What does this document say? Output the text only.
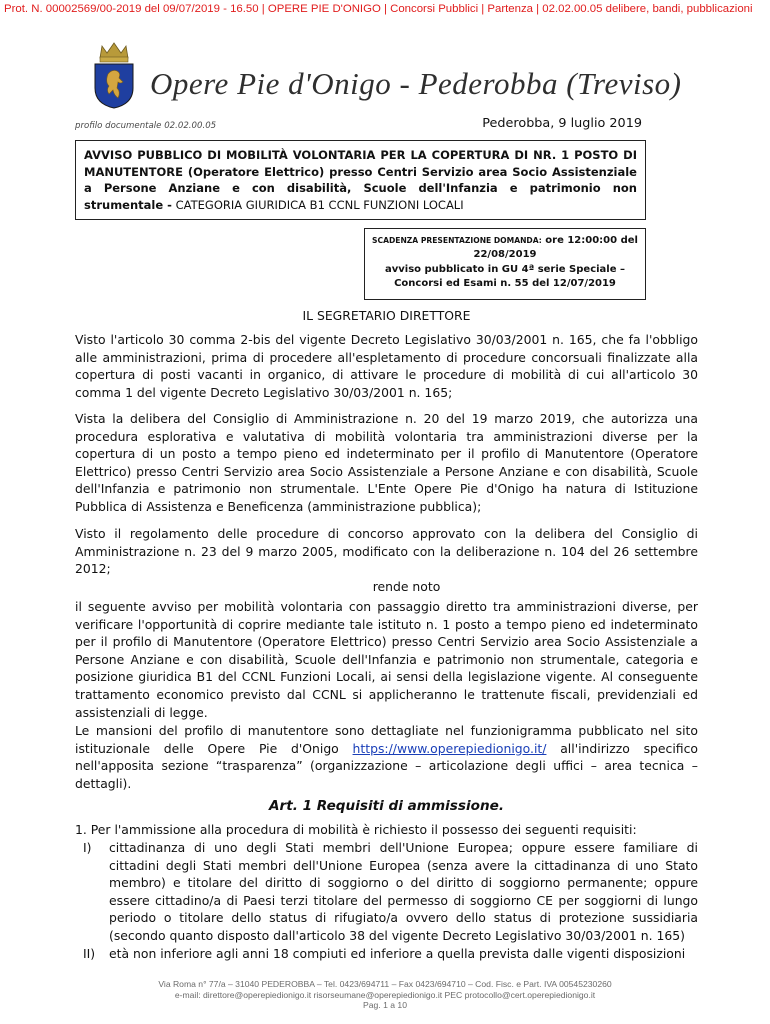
Prot. N. 00002569/00-2019 del 09/07/2019 - 16.50 | OPERE PIE D'ONIGO | Concorsi Pubblici | Partenza | 02.02.00.05 delibere, bandi, pubblicazioni
Opere Pie d'Onigo - Pederobba (Treviso)
profilo documentale 02.02.00.05	Pederobba, 9 luglio 2019
AVVISO PUBBLICO DI MOBILITÀ VOLONTARIA PER LA COPERTURA DI NR. 1 POSTO DI MANUTENTORE (Operatore Elettrico) presso Centri Servizio area Socio Assistenziale a Persone Anziane e con disabilità, Scuole dell'Infanzia e patrimonio non strumentale - CATEGORIA GIURIDICA B1 CCNL FUNZIONI LOCALI
SCADENZA PRESENTAZIONE DOMANDA: ore 12:00:00 del
22/08/2019
avviso pubblicato in GU 4ª serie Speciale – Concorsi ed Esami n. 55 del 12/07/2019
IL SEGRETARIO DIRETTORE
Visto l'articolo 30 comma 2-bis del vigente Decreto Legislativo 30/03/2001 n. 165, che fa l'obbligo alle amministrazioni, prima di procedere all'espletamento di procedure concorsuali finalizzate alla copertura di posti vacanti in organico, di attivare le procedure di mobilità di cui all'articolo 30 comma 1 del vigente Decreto Legislativo 30/03/2001 n. 165;
Vista la delibera del Consiglio di Amministrazione n. 20 del 19 marzo 2019, che autorizza una procedura esplorativa e valutativa di mobilità volontaria tra amministrazioni diverse per la copertura di un posto a tempo pieno ed indeterminato per il profilo di Manutentore (Operatore Elettrico) presso Centri Servizio area Socio Assistenziale a Persone Anziane e con disabilità, Scuole dell'Infanzia e patrimonio non strumentale. L'Ente Opere Pie d'Onigo ha natura di Istituzione Pubblica di Assistenza e Beneficenza (amministrazione pubblica);
Visto il regolamento delle procedure di concorso approvato con la delibera del Consiglio di Amministrazione n. 23 del 9 marzo 2005, modificato con la deliberazione n. 104 del 26 settembre 2012;
rende noto
il seguente avviso per mobilità volontaria con passaggio diretto tra amministrazioni diverse, per verificare l'opportunità di coprire mediante tale istituto n. 1 posto a tempo pieno ed indeterminato per il profilo di Manutentore (Operatore Elettrico) presso Centri Servizio area Socio Assistenziale a Persone Anziane e con disabilità, Scuole dell'Infanzia e patrimonio non strumentale, categoria e posizione giuridica B1 del CCNL Funzioni Locali, ai sensi della legislazione vigente. Al conseguente trattamento economico previsto dal CCNL si applicheranno le trattenute fiscali, previdenziali ed assistenziali di legge.
Le mansioni del profilo di manutentore sono dettagliate nel funzionigramma pubblicato nel sito istituzionale delle Opere Pie d'Onigo https://www.operepiedionigo.it/ all'indirizzo specifico nell'apposita sezione “trasparenza” (organizzazione – articolazione degli uffici – area tecnica – dettagli).
Art. 1 Requisiti di ammissione.
1. Per l'ammissione alla procedura di mobilità è richiesto il possesso dei seguenti requisiti:
I)	cittadinanza di uno degli Stati membri dell'Unione Europea; oppure essere familiare di cittadini degli Stati membri dell'Unione Europea (senza avere la cittadinanza di uno Stato membro) e titolare del diritto di soggiorno o del diritto di soggiorno permanente; oppure essere cittadino/a di Paesi terzi titolare del permesso di soggiorno CE per soggiorni di lungo periodo o titolare dello status di rifugiato/a ovvero dello status di protezione sussidiaria (secondo quanto disposto dall'articolo 38 del vigente Decreto Legislativo 30/03/2001 n. 165)
II)	età non inferiore agli anni 18 compiuti ed inferiore a quella prevista dalle vigenti disposizioni
Via Roma n° 77/a – 31040 PEDEROBBA – Tel. 0423/694711 – Fax 0423/694710 – Cod. Fisc. e Part. IVA 00545230260
e-mail: direttore@operepiedionigo.it risorseumane@operepiedionigo.it PEC protocollo@cert.operepiedionigo.it
Pag. 1 a 10
